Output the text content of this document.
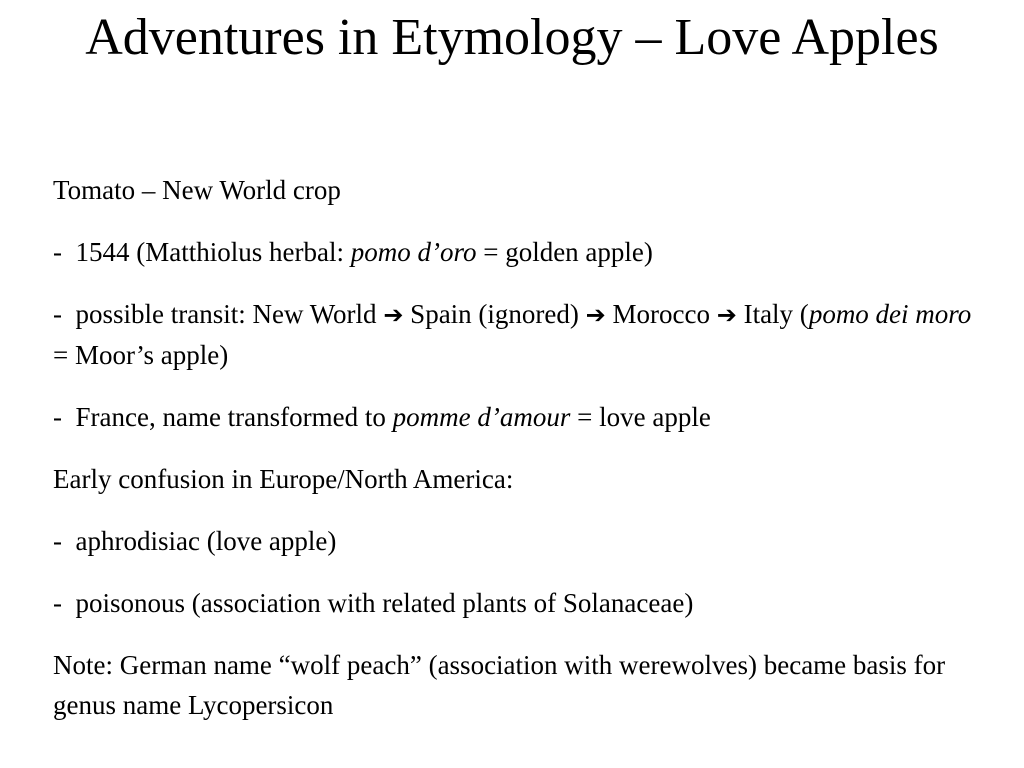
Adventures in Etymology – Love Apples

Tomato – New World crop

-  1544 (Matthiolus herbal: pomo d’oro = golden apple)

-  possible transit: New World ➔ Spain (ignored) ➔ Morocco ➔ Italy (pomo dei moro = Moor’s apple)

-  France, name transformed to pomme d’amour = love apple

Early confusion in Europe/North America:

-  aphrodisiac (love apple)

-  poisonous (association with related plants of Solanaceae)

Note: German name “wolf peach” (association with werewolves) became basis for genus name Lycopersicon
